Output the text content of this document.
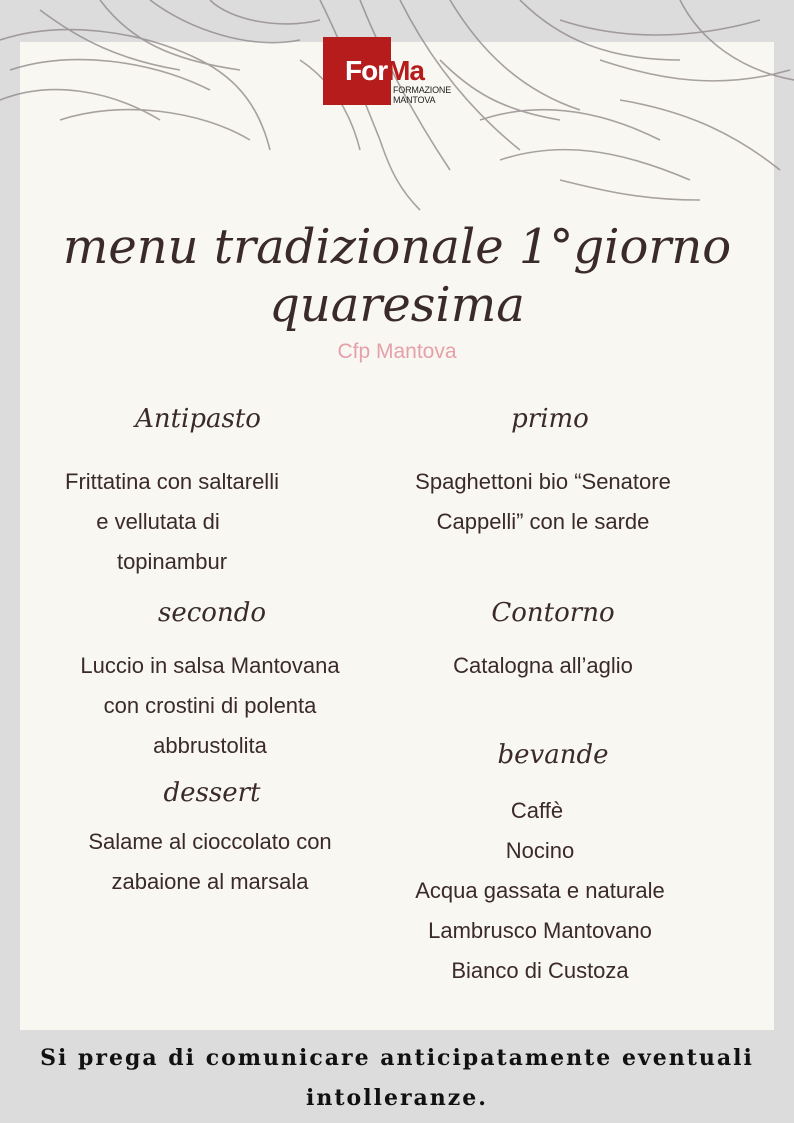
ForMa
FORMAZIONE
MANTOVA
menu tradizionale 1°giorno
quaresima
Cfp Mantova
Antipasto
Frittatina con saltarelli
e vellutata di
topinambur
primo
Spaghettoni bio “Senatore
Cappelli” con le sarde
secondo
Luccio in salsa Mantovana
con crostini di polenta
abbrustolita
Contorno
Catalogna all’aglio
dessert
Salame al cioccolato con
zabaione al marsala
bevande
Caffè
Nocino
Acqua gassata e naturale
Lambrusco Mantovano
Bianco di Custoza
Si prega di comunicare anticipatamente eventuali
intolleranze.
